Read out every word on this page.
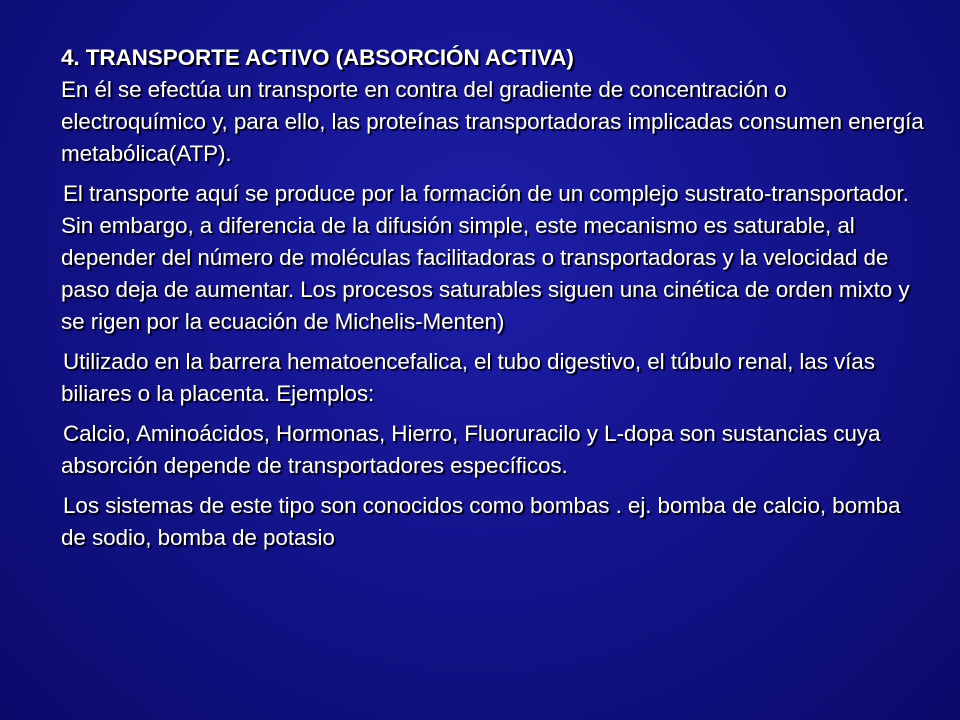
4. TRANSPORTE ACTIVO (ABSORCIÓN ACTIVA)
En él se efectúa un transporte en contra del gradiente de concentración o electroquímico y, para ello, las proteínas transportadoras implicadas consumen energía metabólica(ATP).

El transporte aquí se produce por la formación de un complejo sustrato-transportador. Sin embargo, a diferencia de la difusión simple, este mecanismo es saturable, al depender del número de moléculas facilitadoras o transportadoras y la velocidad de paso deja de aumentar. Los procesos saturables siguen una cinética de orden mixto y se rigen por la ecuación de Michelis-Menten)

Utilizado en la barrera hematoencefalica, el tubo digestivo, el túbulo renal, las vías biliares o la placenta. Ejemplos:

Calcio, Aminoácidos, Hormonas, Hierro, Fluoruracilo y L-dopa son sustancias cuya absorción depende de transportadores específicos.

Los sistemas de este tipo son conocidos como bombas . ej. bomba de calcio, bomba de sodio, bomba de potasio
